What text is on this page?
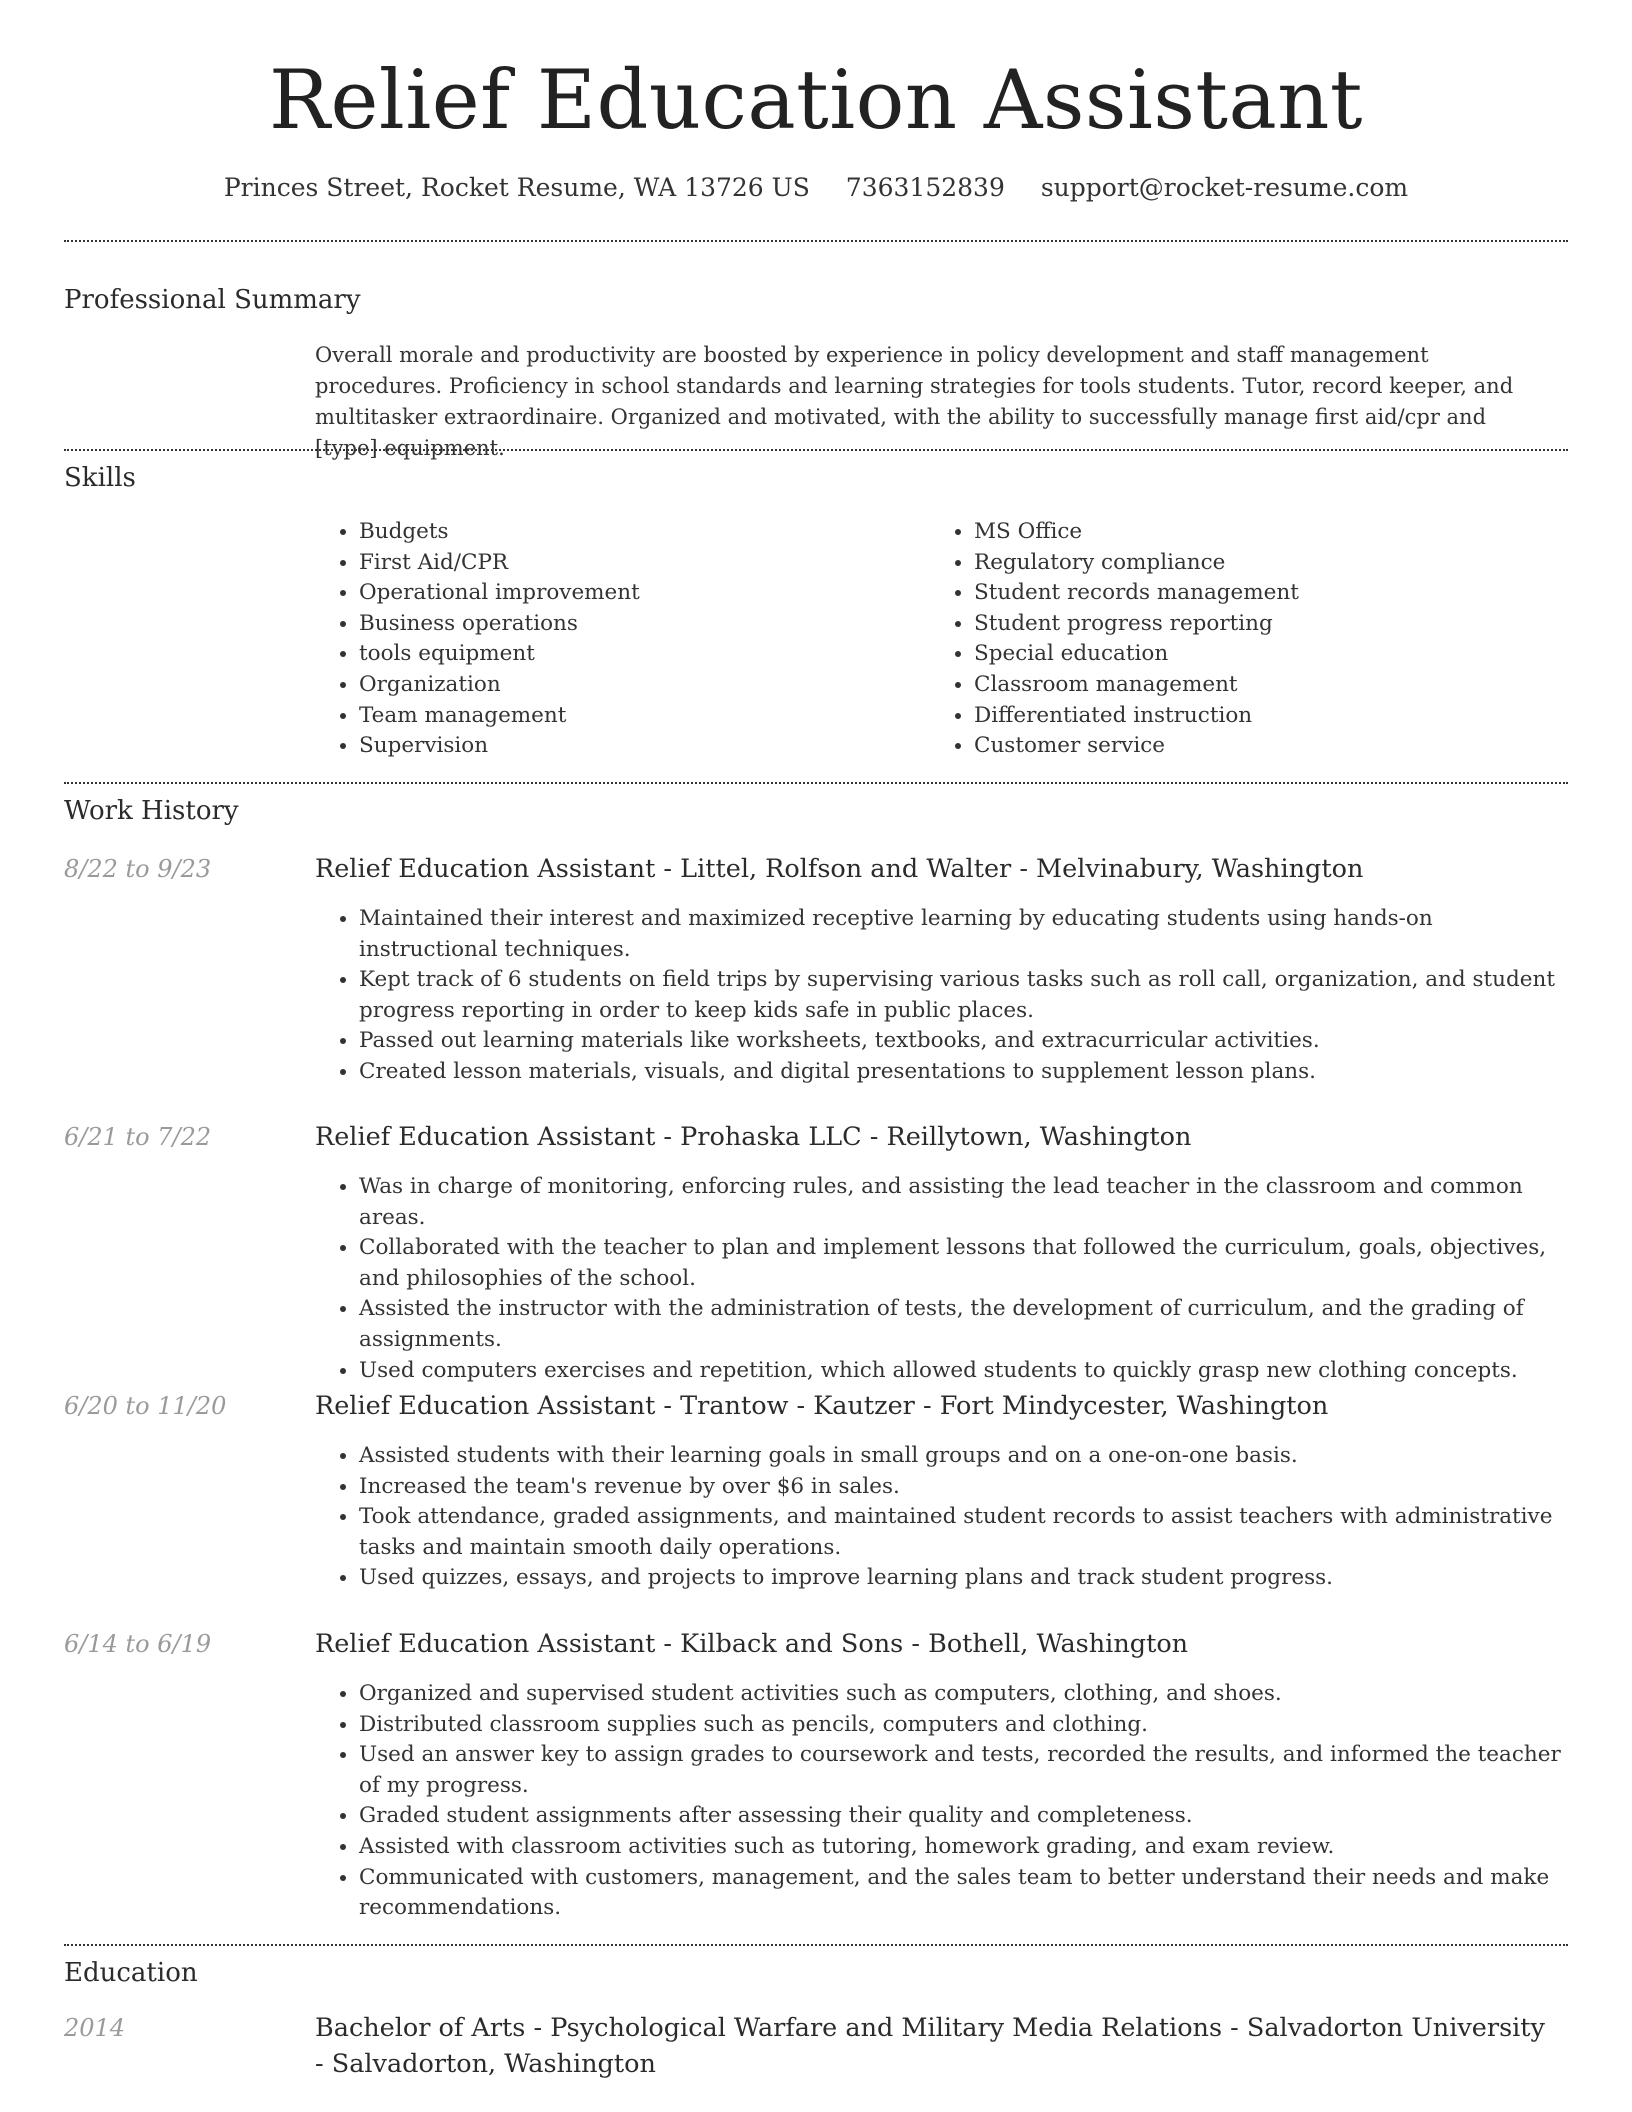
Relief Education Assistant
Princes Street, Rocket Resume, WA 13726 US 7363152839 support@rocket-resume.com
Professional Summary

Overall morale and productivity are boosted by experience in policy development and staff management procedures. Proficiency in school standards and learning strategies for tools students. Tutor, record keeper, and multitasker extraordinaire. Organized and motivated, with the ability to successfully manage first aid/cpr and [type] equipment.

Skills
• Budgets
• First Aid/CPR
• Operational improvement
• Business operations
• tools equipment
• Organization
• Team management
• Supervision
• MS Office
• Regulatory compliance
• Student records management
• Student progress reporting
• Special education
• Classroom management
• Differentiated instruction
• Customer service
Work History
8/22 to 9/23	Relief Education Assistant - Littel, Rolfson and Walter - Melvinabury, Washington
• Maintained their interest and maximized receptive learning by educating students using hands-on instructional techniques.
• Kept track of 6 students on field trips by supervising various tasks such as roll call, organization, and student progress reporting in order to keep kids safe in public places.
• Passed out learning materials like worksheets, textbooks, and extracurricular activities.
• Created lesson materials, visuals, and digital presentations to supplement lesson plans.
6/21 to 7/22	Relief Education Assistant - Prohaska LLC - Reillytown, Washington
• Was in charge of monitoring, enforcing rules, and assisting the lead teacher in the classroom and common areas.
• Collaborated with the teacher to plan and implement lessons that followed the curriculum, goals, objectives, and philosophies of the school.
• Assisted the instructor with the administration of tests, the development of curriculum, and the grading of assignments.
• Used computers exercises and repetition, which allowed students to quickly grasp new clothing concepts.
6/20 to 11/20	Relief Education Assistant - Trantow - Kautzer - Fort Mindycester, Washington
• Assisted students with their learning goals in small groups and on a one-on-one basis.
• Increased the team's revenue by over $6 in sales.
• Took attendance, graded assignments, and maintained student records to assist teachers with administrative tasks and maintain smooth daily operations.
• Used quizzes, essays, and projects to improve learning plans and track student progress.
6/14 to 6/19	Relief Education Assistant - Kilback and Sons - Bothell, Washington
• Organized and supervised student activities such as computers, clothing, and shoes.
• Distributed classroom supplies such as pencils, computers and clothing.
• Used an answer key to assign grades to coursework and tests, recorded the results, and informed the teacher of my progress.
• Graded student assignments after assessing their quality and completeness.
• Assisted with classroom activities such as tutoring, homework grading, and exam review.
• Communicated with customers, management, and the sales team to better understand their needs and make recommendations.
Education
2014	Bachelor of Arts - Psychological Warfare and Military Media Relations - Salvadorton University - Salvadorton, Washington
